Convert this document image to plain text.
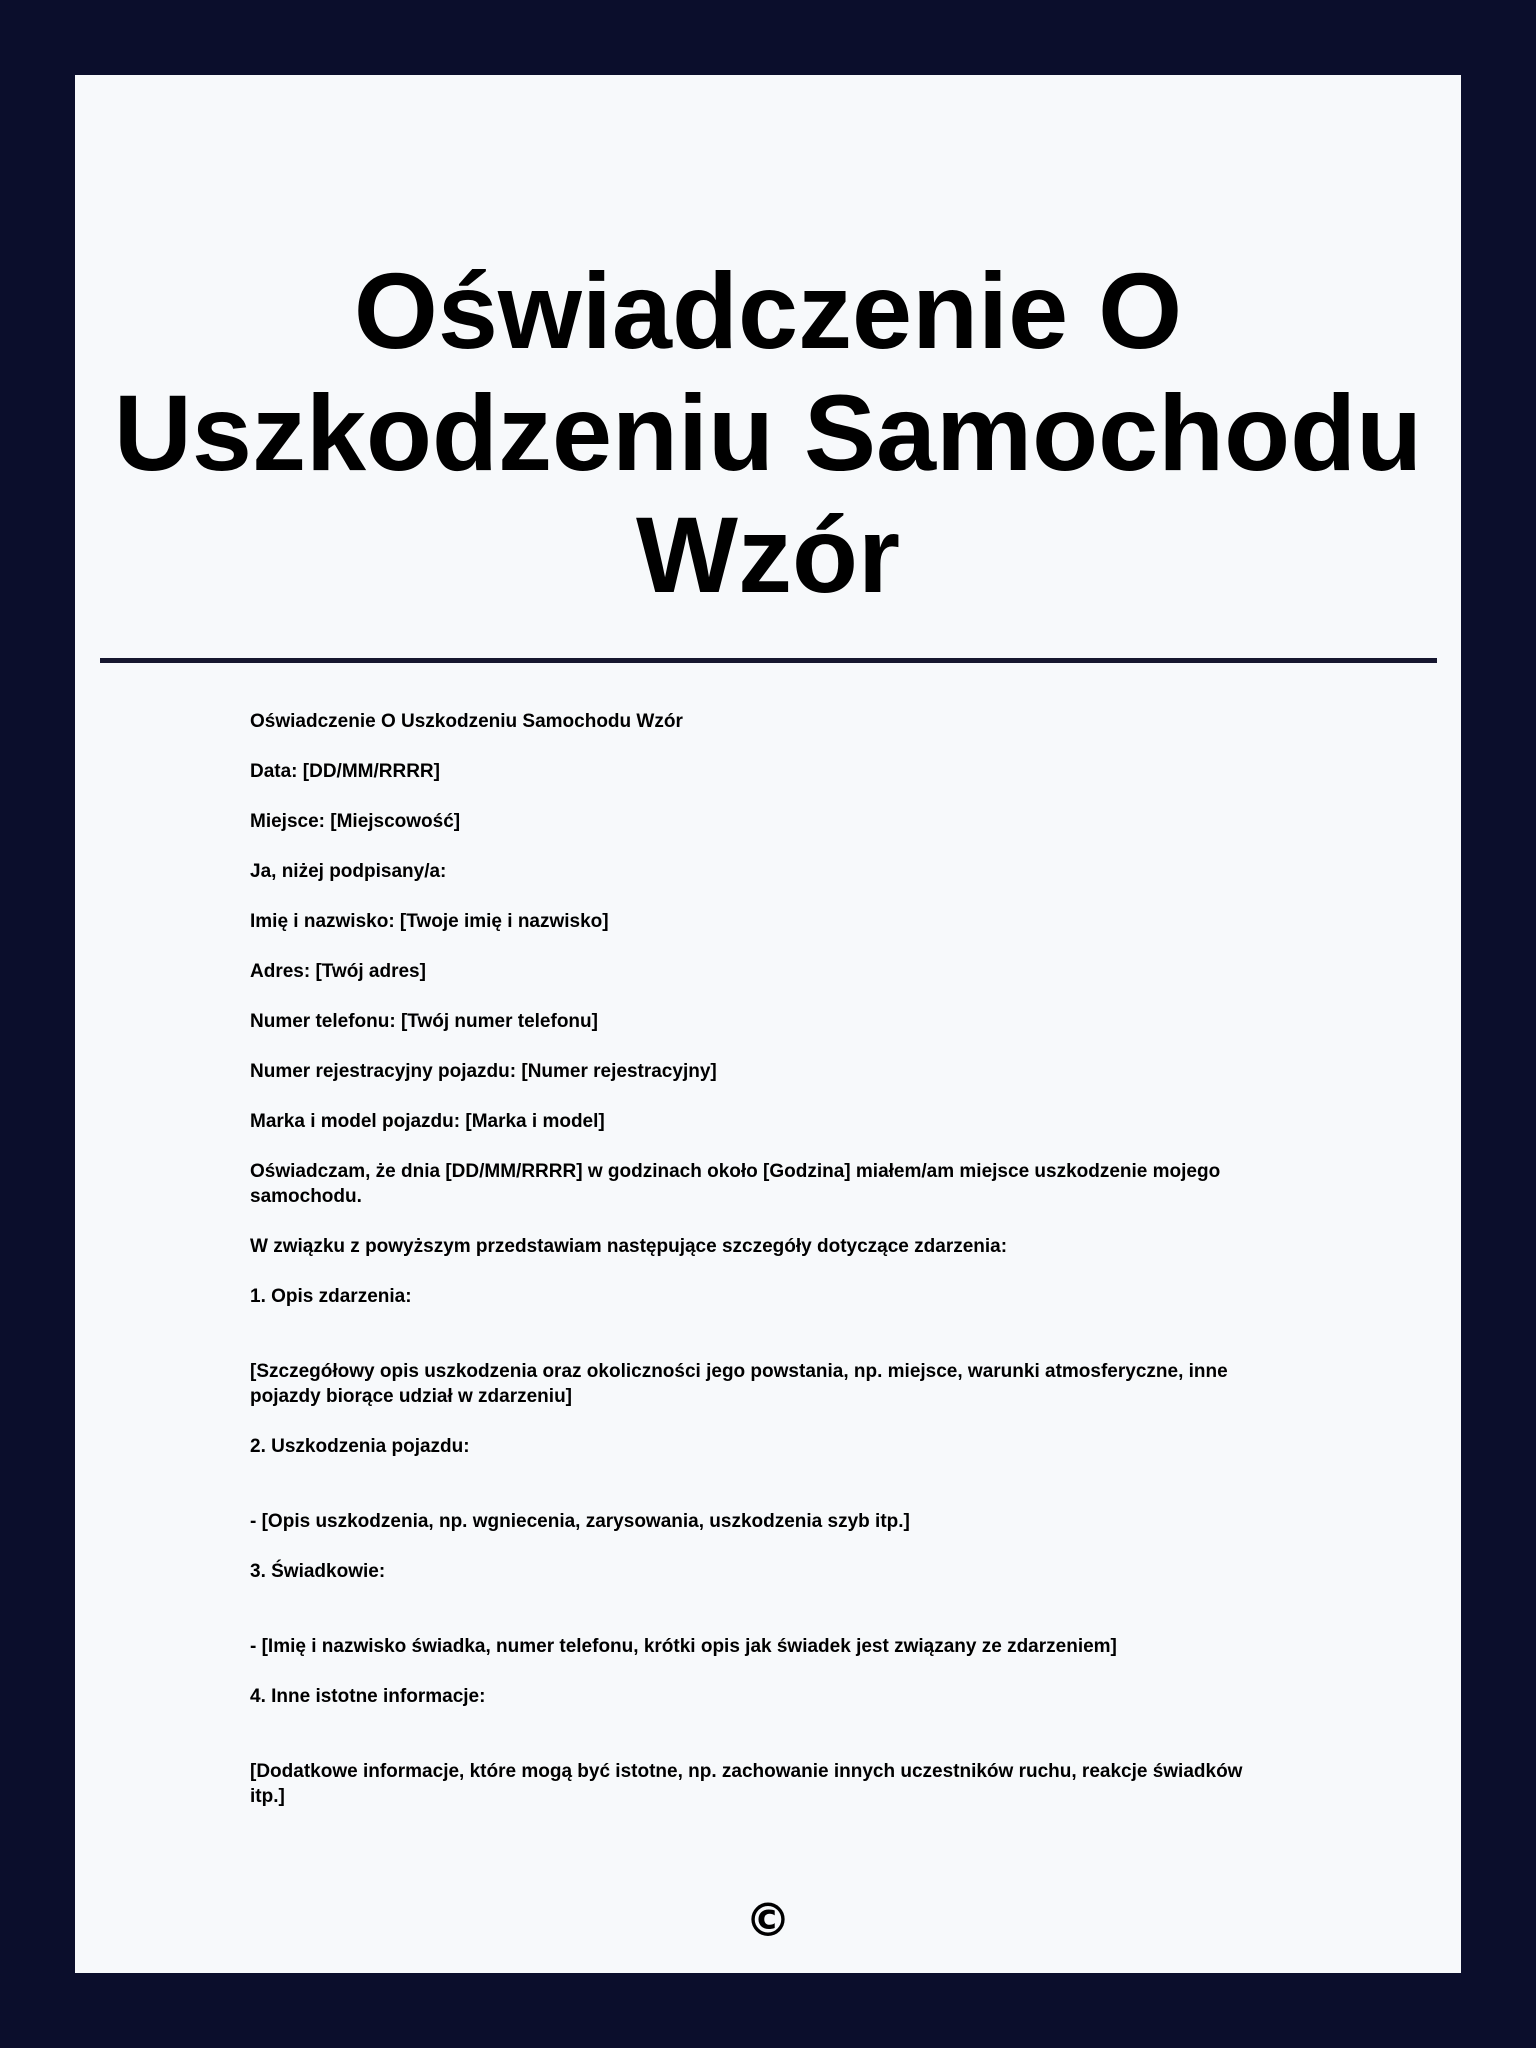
Oświadczenie O
Uszkodzeniu Samochodu
Wzór

Oświadczenie O Uszkodzeniu Samochodu Wzór

Data: [DD/MM/RRRR]

Miejsce: [Miejscowość]

Ja, niżej podpisany/a:

Imię i nazwisko: [Twoje imię i nazwisko]

Adres: [Twój adres]

Numer telefonu: [Twój numer telefonu]

Numer rejestracyjny pojazdu: [Numer rejestracyjny]

Marka i model pojazdu: [Marka i model]

Oświadczam, że dnia [DD/MM/RRRR] w godzinach około [Godzina] miałem/am miejsce uszkodzenie mojego samochodu.

W związku z powyższym przedstawiam następujące szczegóły dotyczące zdarzenia:

1. Opis zdarzenia:

[Szczegółowy opis uszkodzenia oraz okoliczności jego powstania, np. miejsce, warunki atmosferyczne, inne pojazdy biorące udział w zdarzeniu]

2. Uszkodzenia pojazdu:

- [Opis uszkodzenia, np. wgniecenia, zarysowania, uszkodzenia szyb itp.]

3. Świadkowie:

- [Imię i nazwisko świadka, numer telefonu, krótki opis jak świadek jest związany ze zdarzeniem]

4. Inne istotne informacje:

[Dodatkowe informacje, które mogą być istotne, np. zachowanie innych uczestników ruchu, reakcje świadków itp.]

©
